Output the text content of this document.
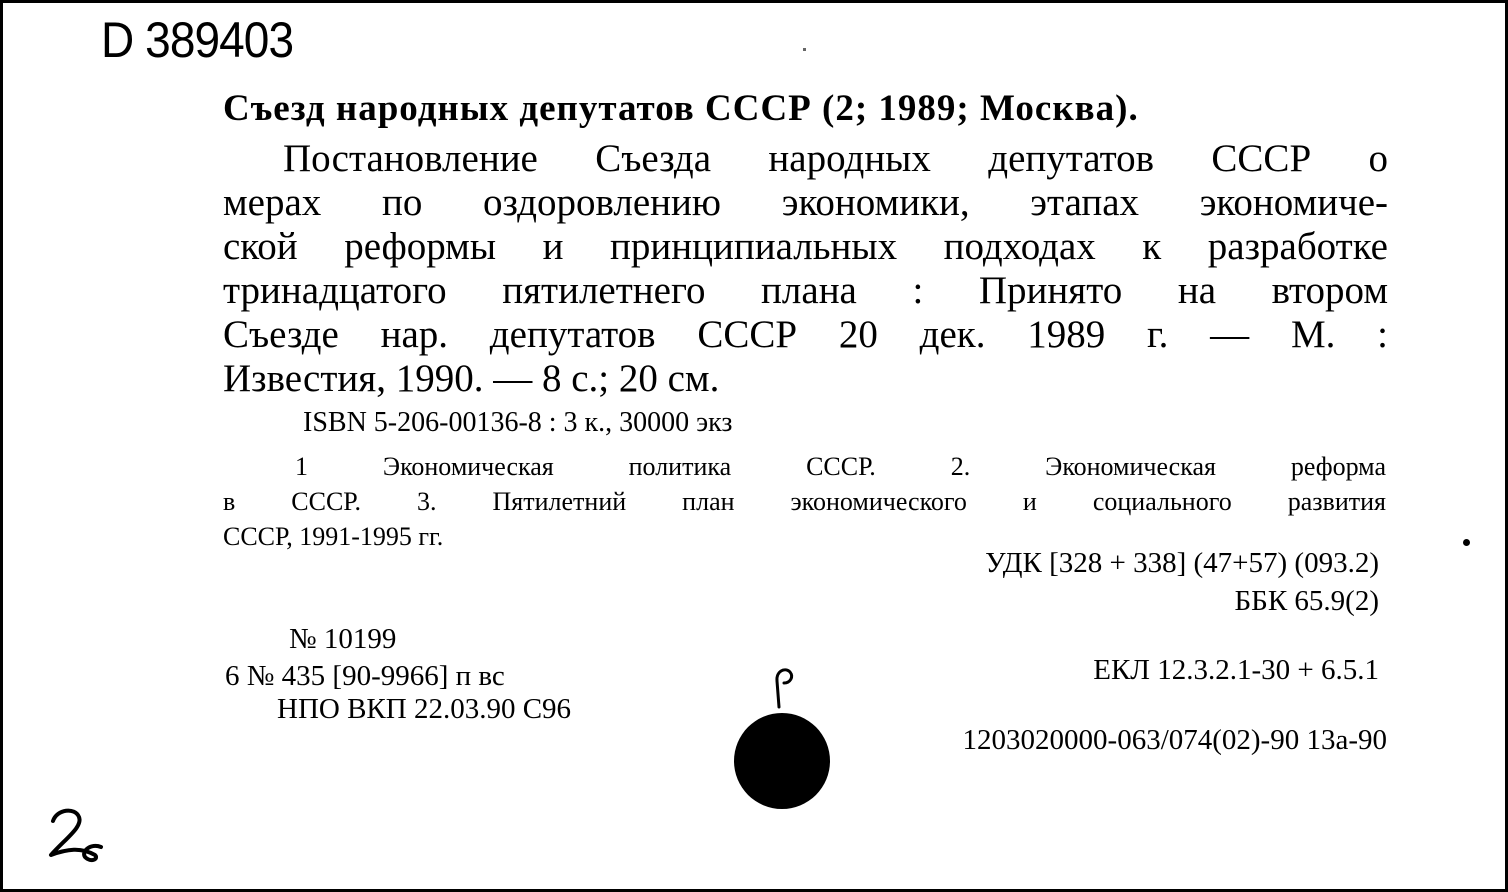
D 389403
Съезд народных депутатов СССР (2; 1989; Москва).
Постановление Съезда народных депутатов СССР о
мерах по оздоровлению экономики, этапах экономиче-
ской реформы и принципиальных подходах к разработке
тринадцатого пятилетнего плана : Принято на втором
Съезде нар. депутатов СССР 20 дек. 1989 г. — М. :
Известия, 1990. — 8 с.; 20 см.
ISBN 5-206-00136-8 : 3 к., 30000 экз
1 Экономическая политика СССР. 2. Экономическая реформа
в СССР. 3. Пятилетний план экономического и социального развития
СССР, 1991-1995 гг.
УДК [328 + 338] (47+57) (093.2)
ББК 65.9(2)
№ 10199
6 № 435 [90-9966] п вс
НПО ВКП 22.03.90 С96
ЕКЛ 12.3.2.1-30 + 6.5.1
1203020000-063/074(02)-90 13а-90
